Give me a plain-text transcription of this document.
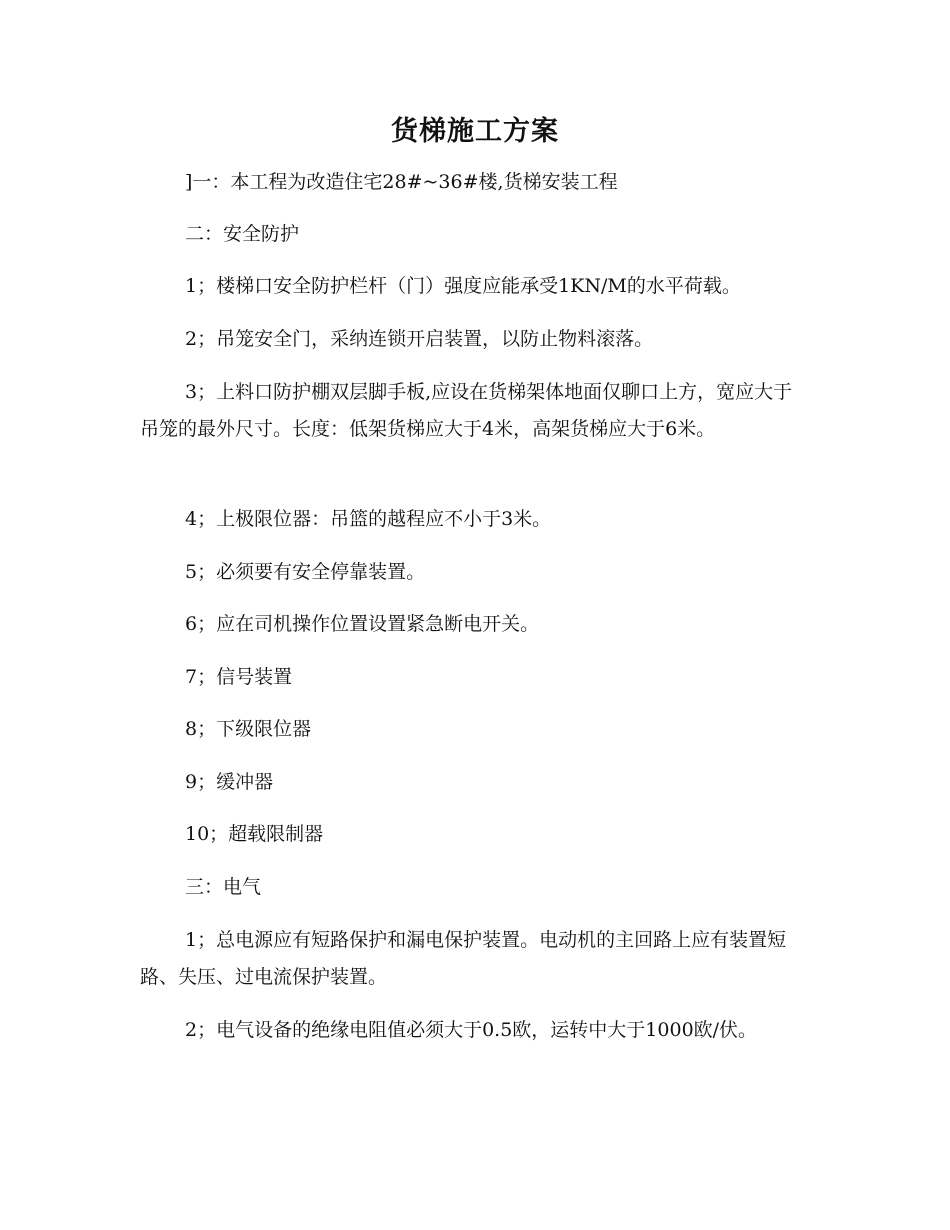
货梯施工方案

]一：本工程为改造住宅28#~36#楼,货梯安装工程

二：安全防护

1；楼梯口安全防护栏杆（门）强度应能承受1KN/M的水平荷载。

2；吊笼安全门，采纳连锁开启装置，以防止物料滚落。

3；上料口防护棚双层脚手板,应设在货梯架体地面仅聊口上方，宽应大于吊笼的最外尺寸。长度：低架货梯应大于4米，高架货梯应大于6米。

4；上极限位器：吊篮的越程应不小于3米。

5；必须要有安全停靠装置。

6；应在司机操作位置设置紧急断电开关。

7；信号装置

8；下级限位器

9；缓冲器

10；超载限制器

三：电气

1；总电源应有短路保护和漏电保护装置。电动机的主回路上应有装置短路、失压、过电流保护装置。

2；电气设备的绝缘电阻值必须大于0.5欧，运转中大于1000欧/伏。
